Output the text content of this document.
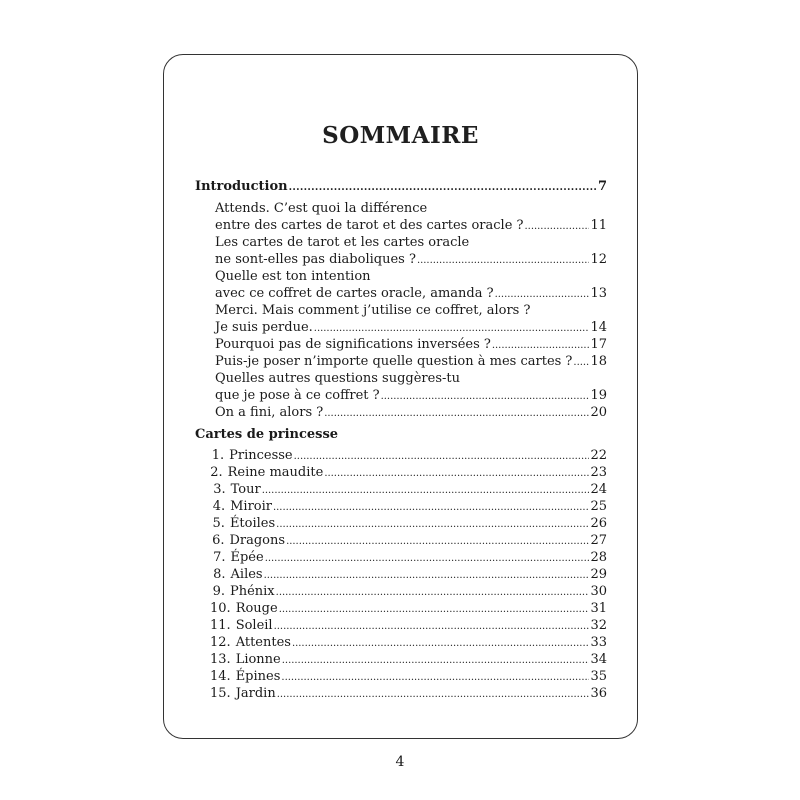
SOMMAIRE
Introduction . . .	7
Cartes de princesse
Attends. C’est quoi la différence
entre des cartes de tarot et des cartes oracle ? . . .	11
Les cartes de tarot et les cartes oracle
ne sont-elles pas diaboliques ? . . .	12
Quelle est ton intention
avec ce coffret de cartes oracle, amanda ? . . .	13
Merci. Mais comment j’utilise ce coffret, alors ?
Je suis perdue. . . .	14
Pourquoi pas de significations inversées ? . . .	17
Puis-je poser n’importe quelle question à mes cartes ? . . . 18
Quelles autres questions suggères-tu
que je pose à ce coffret ? . . .	19
On a fini, alors ? . . .	20
1. Princesse . . .	22
2. Reine maudite . . .	23
3. Tour . . .	24
4. Miroir . . .	25
5. Étoiles . . .	26
6. Dragons . . .	27
7. Épée . . .	28
8. Ailes . . .	29
9. Phénix . . .	30
10. Rouge . . .	31
11. Soleil . . .	32
12. Attentes . . .	33
13. Lionne . . .	34
14. Épines . . .	35
15. Jardin . . .	36
4
